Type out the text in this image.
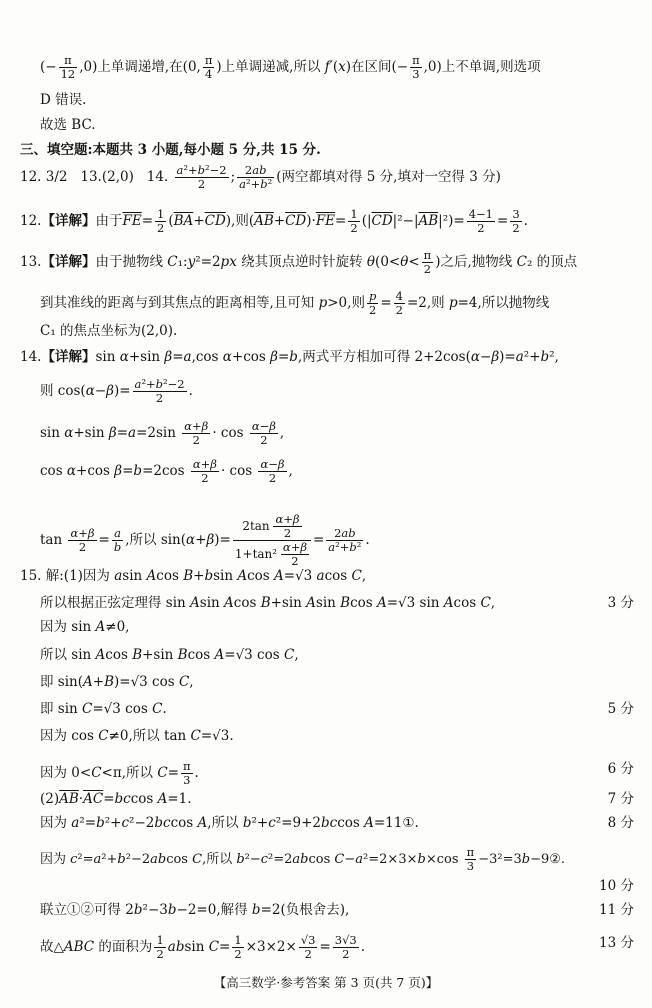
(− $\frac{\pi}{12} ,0$)上单调递增,在(0, $\frac{\pi}{4}$ )上单调递减,所以 f′(x)在区间(− $\frac{\pi}{3} ,0$)上不单调,则选项
D 错误.
故选 BC.
三、填空题:本题共 3 小题,每小题 5 分,共 15 分.
12. 3/2 13.(2,0) 14. $\frac{\text{a²+b²−2}}{2}$ ; $\frac{2ab}{\text{a²+b²}}$ (两空都填对得 5 分,填对一空得 3 分)
12.【详解】由于$\overline{FE}= \frac{1}{2} (\overline{BA}+\overline{CD})$,则$(\overline{AB}+\overline{CD})\cdot\overline{FE}= \frac{1}{2} (|\overline{CD}|^2-|\overline{AB}|^2)= \frac{4-1}{2} = \frac{3}{2}$ .
13.【详解】由于抛物线 C₁:y²=2px 绕其顶点逆时针旋转 $\theta(0<\theta< \frac{\pi}{2}$ )之后,抛物线 C₂ 的顶点
到其准线的距离与到其焦点的距离相等,且可知 p>0,则 $\frac{p}{2} = \frac{4}{2} =2$,则 p=4,所以抛物线
C₁ 的焦点坐标为(2,0).
14.【详解】sin α+sin β=a,cos α+cos β=b,两式平方相加可得 2+2cos(α−β)=a²+b²,
则 $\cos(\alpha-\beta)= \frac{\text{a²+b²−2}}{2}$ .
sin α+sin $\beta=a=2\sin \frac{\alpha+\beta}{2} \cdot \cos \frac{\alpha-\beta}{2}$ ,
cos α+cos $\beta=b=2\cos \frac{\alpha+\beta}{2} \cdot \cos \frac{\alpha-\beta}{2}$ ,
$\tan \frac{\alpha+\beta}{2} = \frac{a}{b}$ ,所以 $\sin(\alpha+\beta)= \frac{2\tan \frac{\alpha+\beta}{2}}{1+\tan^2 \frac{\alpha+\beta}{2}} = \frac{2ab}{\text{a²+b²}}$ .
15. 解:(1)因为 asin Acos B+bsin Acos A=√3 acos C,
所以根据正弦定理得 sin Asin Acos B+sin Asin Bcos A=√3 sin Acos C,	3 分
因为 sin A≠0,
所以 sin Acos B+sin Bcos A=√3 cos C,
即 sin(A+B)=√3 cos C,
即 sin C=√3 cos C.	5 分
因为 cos C≠0,所以 tan C=√3.
因为 0<C<π,所以 $C= \frac{\pi}{3}$ .	6 分
$(2)\overline{AB}\cdot\overline{AC}=bccos$ A=1.	7 分
因为 a²=b²+c²−2bccos A,所以 b²+c²=9+2bccos A=11①.	8 分
因为 c²=a²+b²−2abcos C,所以 b²−c²=2abcos $C-a^2=2\times 3\times b\times\cos \frac{\pi}{3}$ −3²=3b−9②.
10 分
联立①②可得 2b²−3b−2=0,解得 b=2(负根舍去),	11 分
故△ABC 的面积为 $\frac{1}{2}$ absin $C= \frac{1}{2} \times 3\times 2\times \frac{√3}{2} = \frac{3√3}{2}$ .	13 分
【高三数学·参考答案 第 3 页(共 7 页)】
